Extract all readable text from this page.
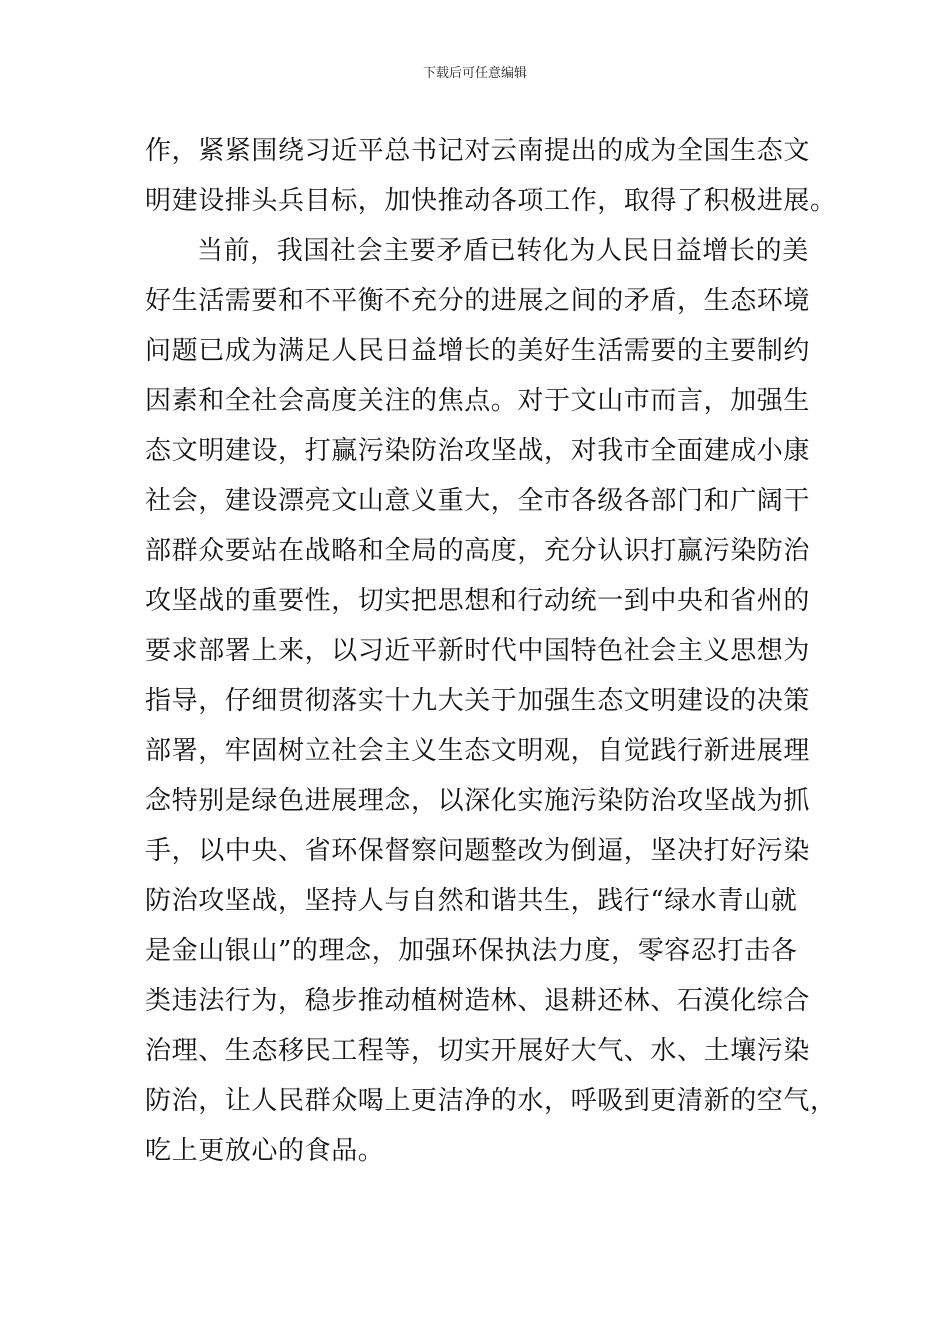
下载后可任意编辑

作，紧紧围绕习近平总书记对云南提出的成为全国生态文
明建设排头兵目标，加快推动各项工作，取得了积极进展。

当前，我国社会主要矛盾已转化为人民日益增长的美
好生活需要和不平衡不充分的进展之间的矛盾，生态环境
问题已成为满足人民日益增长的美好生活需要的主要制约
因素和全社会高度关注的焦点。对于文山市而言，加强生
态文明建设，打赢污染防治攻坚战，对我市全面建成小康
社会，建设漂亮文山意义重大，全市各级各部门和广阔干
部群众要站在战略和全局的高度，充分认识打赢污染防治
攻坚战的重要性，切实把思想和行动统一到中央和省州的
要求部署上来，以习近平新时代中国特色社会主义思想为
指导，仔细贯彻落实十九大关于加强生态文明建设的决策
部署，牢固树立社会主义生态文明观，自觉践行新进展理
念特别是绿色进展理念，以深化实施污染防治攻坚战为抓
手，以中央、省环保督察问题整改为倒逼，坚决打好污染
防治攻坚战，坚持人与自然和谐共生，践行“绿水青山就
是金山银山”的理念，加强环保执法力度，零容忍打击各
类违法行为，稳步推动植树造林、退耕还林、石漠化综合
治理、生态移民工程等，切实开展好大气、水、土壤污染
防治，让人民群众喝上更洁净的水，呼吸到更清新的空气，
吃上更放心的食品。
